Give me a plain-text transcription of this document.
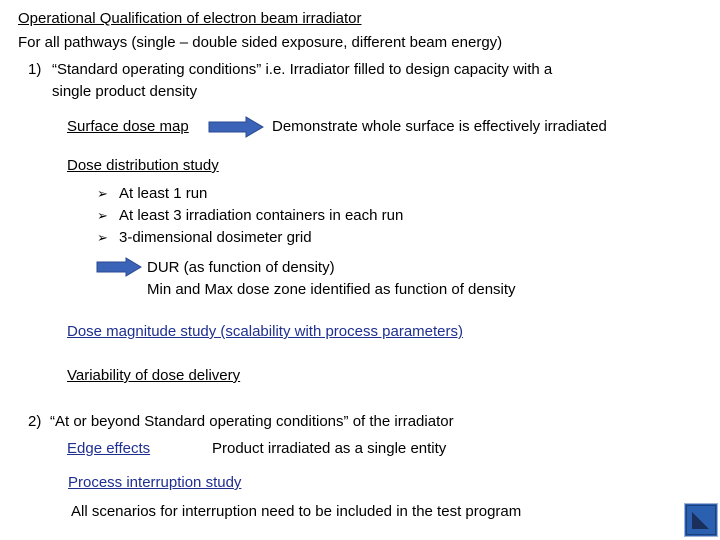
Operational Qualification of electron beam irradiator
For all pathways (single – double sided exposure, different beam energy)
1) “Standard operating conditions” i.e. Irradiator filled to design capacity with a
single product density
Surface dose map	Demonstrate whole surface is effectively irradiated
Dose distribution study
➢ At least 1 run
➢ At least 3 irradiation containers in each run
➢ 3-dimensional dosimeter grid
DUR (as function of density)
Min and Max dose zone identified as function of density
Dose magnitude study (scalability with process parameters)
Variability of dose delivery
2) “At or beyond Standard operating conditions” of the irradiator
Edge effects	Product irradiated as a single entity
Process interruption study
All scenarios for interruption need to be included in the test program
